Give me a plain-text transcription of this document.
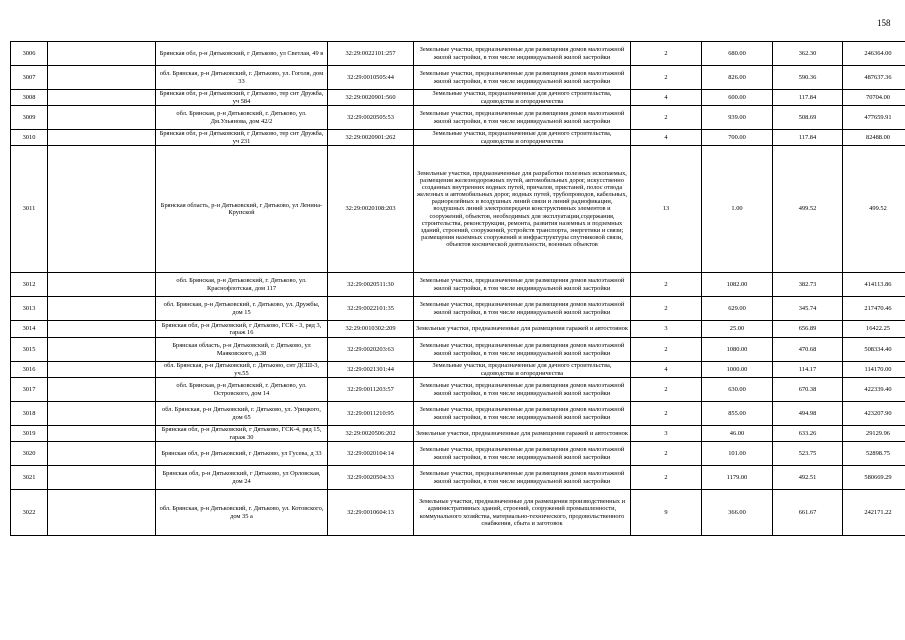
158
3006		Брянская обл, р-н Дятьковский, г Дятьково, ул Светлая, 49 в	32:29:0022101:257	Земельные участки, предназначенные для размещения домов малоэтажной жилой застройки, в том числе индивидуальной жилой застройки	2	680.00	362.30	246364.00
3007		обл. Брянская, р-н Дятьковский, г. Дятьково, ул. Гоголя, дом 33	32:29:0010505:44	Земельные участки, предназначенные для размещения домов малоэтажной жилой застройки, в том числе индивидуальной жилой застройки	2	826.00	590.36	487637.36
3008		Брянская обл, р-н Дятьковский, г Дятьково, тер снт Дружба, уч 584	32:29:0020901:560	Земельные участки, предназначенные для дачного строительства, садоводства и огородничества	4	600.00	117.84	70704.00
3009		обл. Брянская, р-н Дятьковский, г. Дятьково, ул. Дм.Ульянова, дом 42/2	32:29:0020505:53	Земельные участки, предназначенные для размещения домов малоэтажной жилой застройки, в том числе индивидуальной жилой застройки	2	939.00	508.69	477659.91
3010		Брянская обл, р-н Дятьковский, г Дятьково, тер снт Дружба, уч 231	32:29:0020901:262	Земельные участки, предназначенные для дачного строительства, садоводства и огородничества	4	700.00	117.84	82488.00
3011		Брянская область, р-н Дятьковский, г Дятьково, ул Ленина-Крупской	32:29:0020108:203	Земельные участки, предназначенные для разработки полезных ископаемых, размещения железнодорожных путей, автомобильных дорог, искусственно созданных внутренних водных путей, причалов, пристаней, полос отвода железных и автомобильных дорог, водных путей, трубопроводов, кабельных, радиорелейных и воздушных линий связи и линий радиофикации, воздушных линий электропередачи конструктивных элементов и сооружений, объектов, необходимых для эксплуатации,содержания, строительства, реконструкции, ремонта, развития наземных и подземных зданий, строений, сооружений, устройств транспорта, энергетики и связи; размещения наземных сооружений и инфраструктуры спутниковой связи, объектов космической деятельности, военных объектов	13	1.00	499.52	499.52
3012		обл. Брянская, р-н Дятьковский, г. Дятьково, ул. Краснофлотская, дом 117	32:29:0020511:30	Земельные участки, предназначенные для размещения домов малоэтажной жилой застройки, в том числе индивидуальной жилой застройки	2	1082.00	382.73	414113.86
3013		обл. Брянская, р-н Дятьковский, г. Дятьково, ул. Дружбы, дом 15	32:29:0022101:35	Земельные участки, предназначенные для размещения домов малоэтажной жилой застройки, в том числе индивидуальной жилой застройки	2	629.00	345.74	217470.46
3014		Брянская обл, р-н Дятьковский, г Дятьково, ГСК - 3, ряд 3, гараж 16	32:29:0010302:209	Земельные участки, предназначенные для размещения гаражей и автостоянок	3	25.00	656.89	16422.25
3015		Брянская область, р-н Дятьковский, г. Дятьково, ул Маяковского, д.38	32:29:0020203:63	Земельные участки, предназначенные для размещения домов малоэтажной жилой застройки, в том числе индивидуальной жилой застройки	2	1080.00	470.68	508334.40
3016		обл. Брянская, р-н Дятьковский, г. Дятьково, снт ДСШ-3, уч.55	32:29:0021301:44	Земельные участки, предназначенные для дачного строительства, садоводства и огородничества	4	1000.00	114.17	114170.00
3017		обл. Брянская, р-н Дятьковский, г. Дятьково, ул. Островского, дом 14	32:29:0011203:57	Земельные участки, предназначенные для размещения домов малоэтажной жилой застройки, в том числе индивидуальной жилой застройки	2	630.00	670.38	422339.40
3018		обл. Брянская, р-н Дятьковский, г. Дятьково, ул. Урицкого, дом 65	32:29:0011210:95	Земельные участки, предназначенные для размещения домов малоэтажной жилой застройки, в том числе индивидуальной жилой застройки	2	855.00	494.98	423207.90
3019		Брянская обл, р-н Дятьковский, г Дятьково, ГСК-4, ряд 15, гараж 30	32:29:0020506:202	Земельные участки, предназначенные для размещения гаражей и автостоянок	3	46.00	633.26	29129.96
3020		Брянская обл, р-н Дятьковский, г Дятьково, ул Гусева, д 33	32:29:0020104:14	Земельные участки, предназначенные для размещения домов малоэтажной жилой застройки, в том числе индивидуальной жилой застройки	2	101.00	523.75	52898.75
3021		Брянская обл, р-н Дятьковский, г Дятьково, ул Орловская, дом 24	32:29:0020504:33	Земельные участки, предназначенные для размещения домов малоэтажной жилой застройки, в том числе индивидуальной жилой застройки	2	1179.00	492.51	580669.29
3022		обл. Брянская, р-н Дятьковский, г. Дятьково, ул. Котовского, дом 35 а	32:29:0010604:13	Земельные участки, предназначенные для размещения производственных и административных зданий, строений, сооружений промышленности, коммунального хозяйства, материально-технического, продовольственного снабжения, сбыта и заготовок	9	366.00	661.67	242171.22
